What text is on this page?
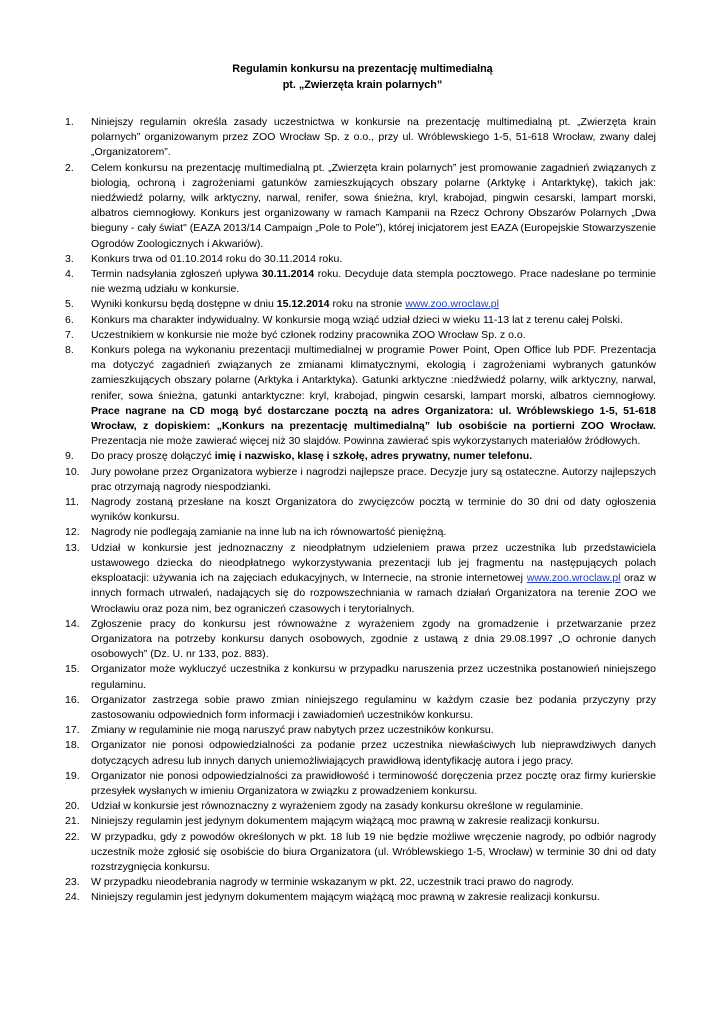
Regulamin konkursu na prezentację multimedialną
pt. „Zwierzęta krain polarnych”
1.	Niniejszy regulamin określa zasady uczestnictwa w konkursie na prezentację multimedialną pt. „Zwierzęta krain polarnych” organizowanym przez ZOO Wrocław Sp. z o.o., przy ul. Wróblewskiego 1-5, 51-618 Wrocław, zwany dalej „Organizatorem”.
2.	Celem konkursu na prezentację multimedialną pt. „Zwierzęta krain polarnych” jest promowanie zagadnień związanych z biologią, ochroną i zagrożeniami gatunków zamieszkujących obszary polarne (Arktykę i Antarktykę), takich jak: niedźwiedź polarny, wilk arktyczny, narwal, renifer, sowa śnieżna, kryl, krabojad, pingwin cesarski, lampart morski, albatros ciemnogłowy. Konkurs jest organizowany w ramach Kampanii na Rzecz Ochrony Obszarów Polarnych „Dwa bieguny - cały świat" (EAZA 2013/14 Campaign „Pole to Pole”), której inicjatorem jest EAZA (Europejskie Stowarzyszenie Ogrodów Zoologicznych i Akwariów).
3.	Konkurs trwa od 01.10.2014 roku do 30.11.2014 roku.
4.	Termin nadsyłania zgłoszeń upływa 30.11.2014 roku. Decyduje data stempla pocztowego. Prace nadesłane po terminie nie wezmą udziału w konkursie.
5.	Wyniki konkursu będą dostępne w dniu 15.12.2014 roku na stronie www.zoo.wroclaw.pl
6.	Konkurs ma charakter indywidualny. W konkursie mogą wziąć udział dzieci w wieku 11-13 lat z terenu całej Polski.
7.	Uczestnikiem w konkursie nie może być członek rodziny pracownika ZOO Wrocław Sp. z o.o.
8.	Konkurs polega na wykonaniu prezentacji multimedialnej w programie Power Point, Open Office lub PDF. Prezentacja ma dotyczyć zagadnień związanych ze zmianami klimatycznymi, ekologią i zagrożeniami wybranych gatunków zamieszkujących obszary polarne (Arktyka i Antarktyka). Gatunki arktyczne :niedźwiedź polarny, wilk arktyczny, narwal, renifer, sowa śnieżna, gatunki antarktyczne: kryl, krabojad, pingwin cesarski, lampart morski, albatros ciemnogłowy. Prace nagrane na CD mogą być dostarczane pocztą na adres Organizatora: ul. Wróblewskiego 1-5, 51-618 Wrocław, z dopiskiem: „Konkurs na prezentację multimedialną” lub osobiście na portierni ZOO Wrocław. Prezentacja nie może zawierać więcej niż 30 slajdów. Powinna zawierać spis wykorzystanych materiałów źródłowych.
9.	Do pracy proszę dołączyć imię i nazwisko, klasę i szkołę, adres prywatny, numer telefonu.
10.	Jury powołane przez Organizatora wybierze i nagrodzi najlepsze prace. Decyzje jury są ostateczne. Autorzy najlepszych prac otrzymają nagrody niespodzianki.
11.	Nagrody zostaną przesłane na koszt Organizatora do zwycięzców pocztą w terminie do 30 dni od daty ogłoszenia wyników konkursu.
12.	Nagrody nie podlegają zamianie na inne lub na ich równowartość pieniężną.
13.	Udział w konkursie jest jednoznaczny z nieodpłatnym udzieleniem prawa przez uczestnika lub przedstawiciela ustawowego dziecka do nieodpłatnego wykorzystywania prezentacji lub jej fragmentu na następujących polach eksploatacji: używania ich na zajęciach edukacyjnych, w Internecie, na stronie internetowej www.zoo.wroclaw.pl oraz w innych formach utrwaleń, nadających się do rozpowszechniania w ramach działań Organizatora na terenie ZOO we Wrocławiu oraz poza nim, bez ograniczeń czasowych i terytorialnych.
14.	Zgłoszenie pracy do konkursu jest równoważne z wyrażeniem zgody na gromadzenie i przetwarzanie przez Organizatora na potrzeby konkursu danych osobowych, zgodnie z ustawą z dnia 29.08.1997 „O ochronie danych osobowych” (Dz. U. nr 133, poz. 883).
15.	Organizator może wykluczyć uczestnika z konkursu w przypadku naruszenia przez uczestnika postanowień niniejszego regulaminu.
16.	Organizator zastrzega sobie prawo zmian niniejszego regulaminu w każdym czasie bez podania przyczyny przy zastosowaniu odpowiednich form informacji i zawiadomień uczestników konkursu.
17.	Zmiany w regulaminie nie mogą naruszyć praw nabytych przez uczestników konkursu.
18.	Organizator nie ponosi odpowiedzialności za podanie przez uczestnika niewłaściwych lub nieprawdziwych danych dotyczących adresu lub innych danych uniemożliwiających prawidłową identyfikację autora i jego pracy.
19.	Organizator nie ponosi odpowiedzialności za prawidłowość i terminowość doręczenia przez pocztę oraz firmy kurierskie przesyłek wysłanych w imieniu Organizatora w związku z prowadzeniem konkursu.
20.	Udział w konkursie jest równoznaczny z wyrażeniem zgody na zasady konkursu określone w regulaminie.
21.	Niniejszy regulamin jest jedynym dokumentem mającym wiążącą moc prawną w zakresie realizacji konkursu.
22.	W przypadku, gdy z powodów określonych w pkt. 18 lub 19 nie będzie możliwe wręczenie nagrody, po odbiór nagrody uczestnik może zgłosić się osobiście do biura Organizatora (ul. Wróblewskiego 1-5, Wrocław) w terminie 30 dni od daty rozstrzygnięcia konkursu.
23.	W przypadku nieodebrania nagrody w terminie wskazanym w pkt. 22, uczestnik traci prawo do nagrody.
24.	Niniejszy regulamin jest jedynym dokumentem mającym wiążącą moc prawną w zakresie realizacji konkursu.
